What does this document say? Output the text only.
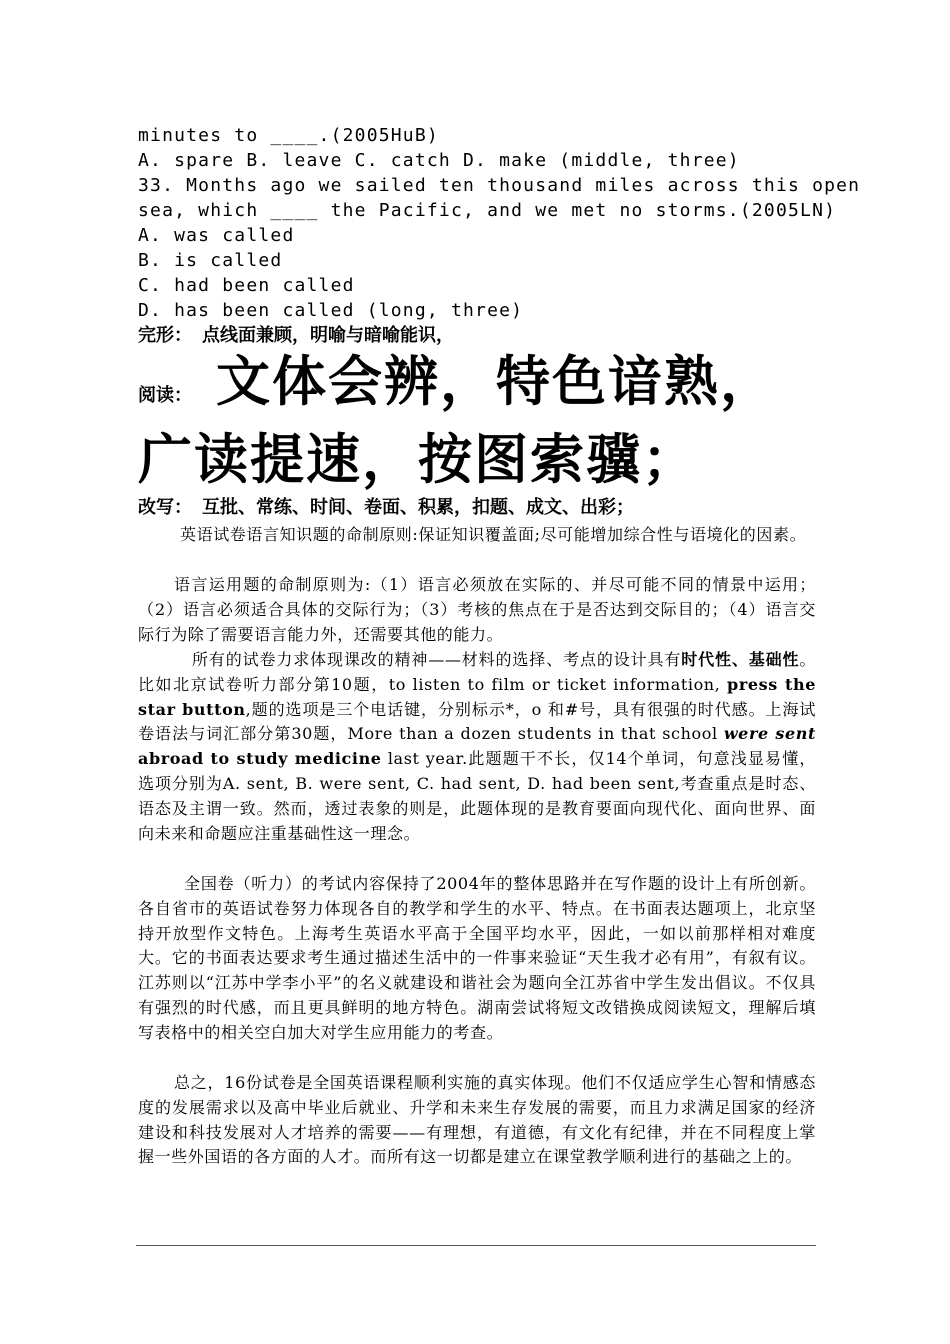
minutes to ____.(2005HuB)
A. spare B. leave C. catch D. make (middle, three)
33. Months ago we sailed ten thousand miles across this open
sea, which ____ the Pacific, and we met no storms.(2005LN)
A. was called
B. is called
C. had been called
D. has been called (long, three)
完形： 点线面兼顾，明喻与暗喻能识，
阅读： 文体会辨，特色谙熟，
广读提速，按图索骥；
改写： 互批、常练、时间、卷面、积累，扣题、成文、出彩；
英语试卷语言知识题的命制原则:保证知识覆盖面;尽可能增加综合性与语境化的因素。
语言运用题的命制原则为:（1）语言必须放在实际的、并尽可能不同的情景中运用；（2）语言必须适合具体的交际行为；（3）考核的焦点在于是否达到交际目的；（4）语言交际行为除了需要语言能力外，还需要其他的能力。
所有的试卷力求体现课改的精神——材料的选择、考点的设计具有时代性、基础性。比如北京试卷听力部分第10题，to listen to film or ticket information, press the star button,题的选项是三个电话键，分别标示*，o 和#号，具有很强的时代感。上海试卷语法与词汇部分第30题，More than a dozen students in that school were sent abroad to study medicine last year.此题题干不长，仅14个单词，句意浅显易懂，选项分别为A. sent, B. were sent, C. had sent, D. had been sent,考查重点是时态、语态及主谓一致。然而，透过表象的则是，此题体现的是教育要面向现代化、面向世界、面向未来和命题应注重基础性这一理念。
全国卷（听力）的考试内容保持了2004年的整体思路并在写作题的设计上有所创新。各自省市的英语试卷努力体现各自的教学和学生的水平、特点。在书面表达题项上，北京坚持开放型作文特色。上海考生英语水平高于全国平均水平，因此，一如以前那样相对难度大。它的书面表达要求考生通过描述生活中的一件事来验证“天生我才必有用”，有叙有议。江苏则以“江苏中学李小平”的名义就建设和谐社会为题向全江苏省中学生发出倡议。不仅具有强烈的时代感，而且更具鲜明的地方特色。湖南尝试将短文改错换成阅读短文，理解后填写表格中的相关空白加大对学生应用能力的考查。
总之，16份试卷是全国英语课程顺利实施的真实体现。他们不仅适应学生心智和情感态度的发展需求以及高中毕业后就业、升学和未来生存发展的需要，而且力求满足国家的经济建设和科技发展对人才培养的需要——有理想，有道德，有文化有纪律，并在不同程度上掌握一些外国语的各方面的人才。而所有这一切都是建立在课堂教学顺利进行的基础之上的。
